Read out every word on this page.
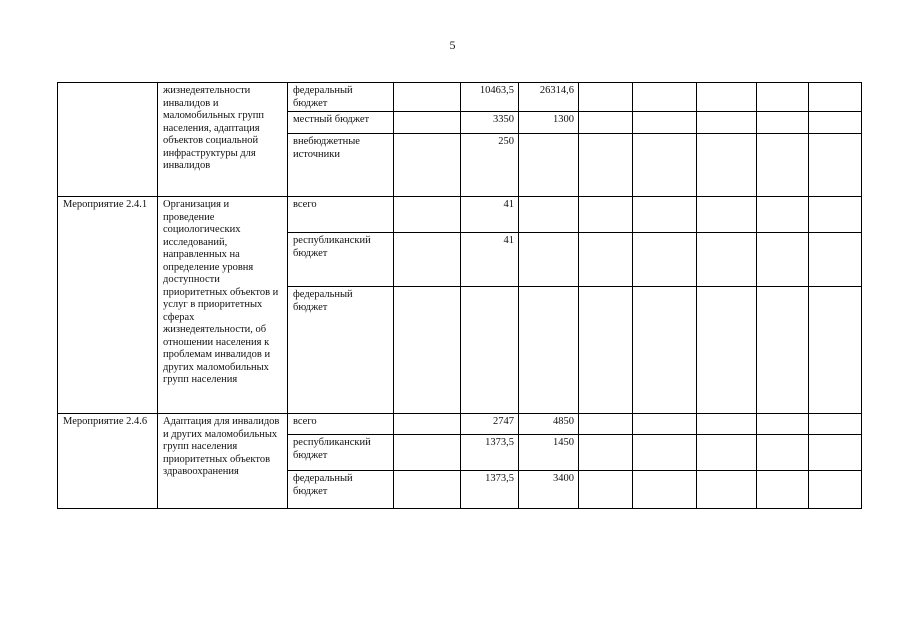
5
	жизнедеятельности инвалидов и маломобильных групп населения, адаптация объектов социальной инфраструктуры для инвалидов	федеральный бюджет		10463,5	26314,6					
		местный бюджет		3350	1300					
		внебюджетные источники		250						
Мероприятие 2.4.1	Организация и проведение социологических исследований, направленных на определение уровня доступности приоритетных объектов и услуг в приоритетных сферах жизнедеятельности, об отношении населения к проблемам инвалидов и других маломобильных групп населения	всего		41						
		республиканский бюджет		41						
		федеральный бюджет								
Мероприятие 2.4.6	Адаптация для инвалидов и других маломобильных групп населения приоритетных объектов здравоохранения	всего		2747	4850					
		республиканский бюджет		1373,5	1450					
		федеральный бюджет		1373,5	3400					
